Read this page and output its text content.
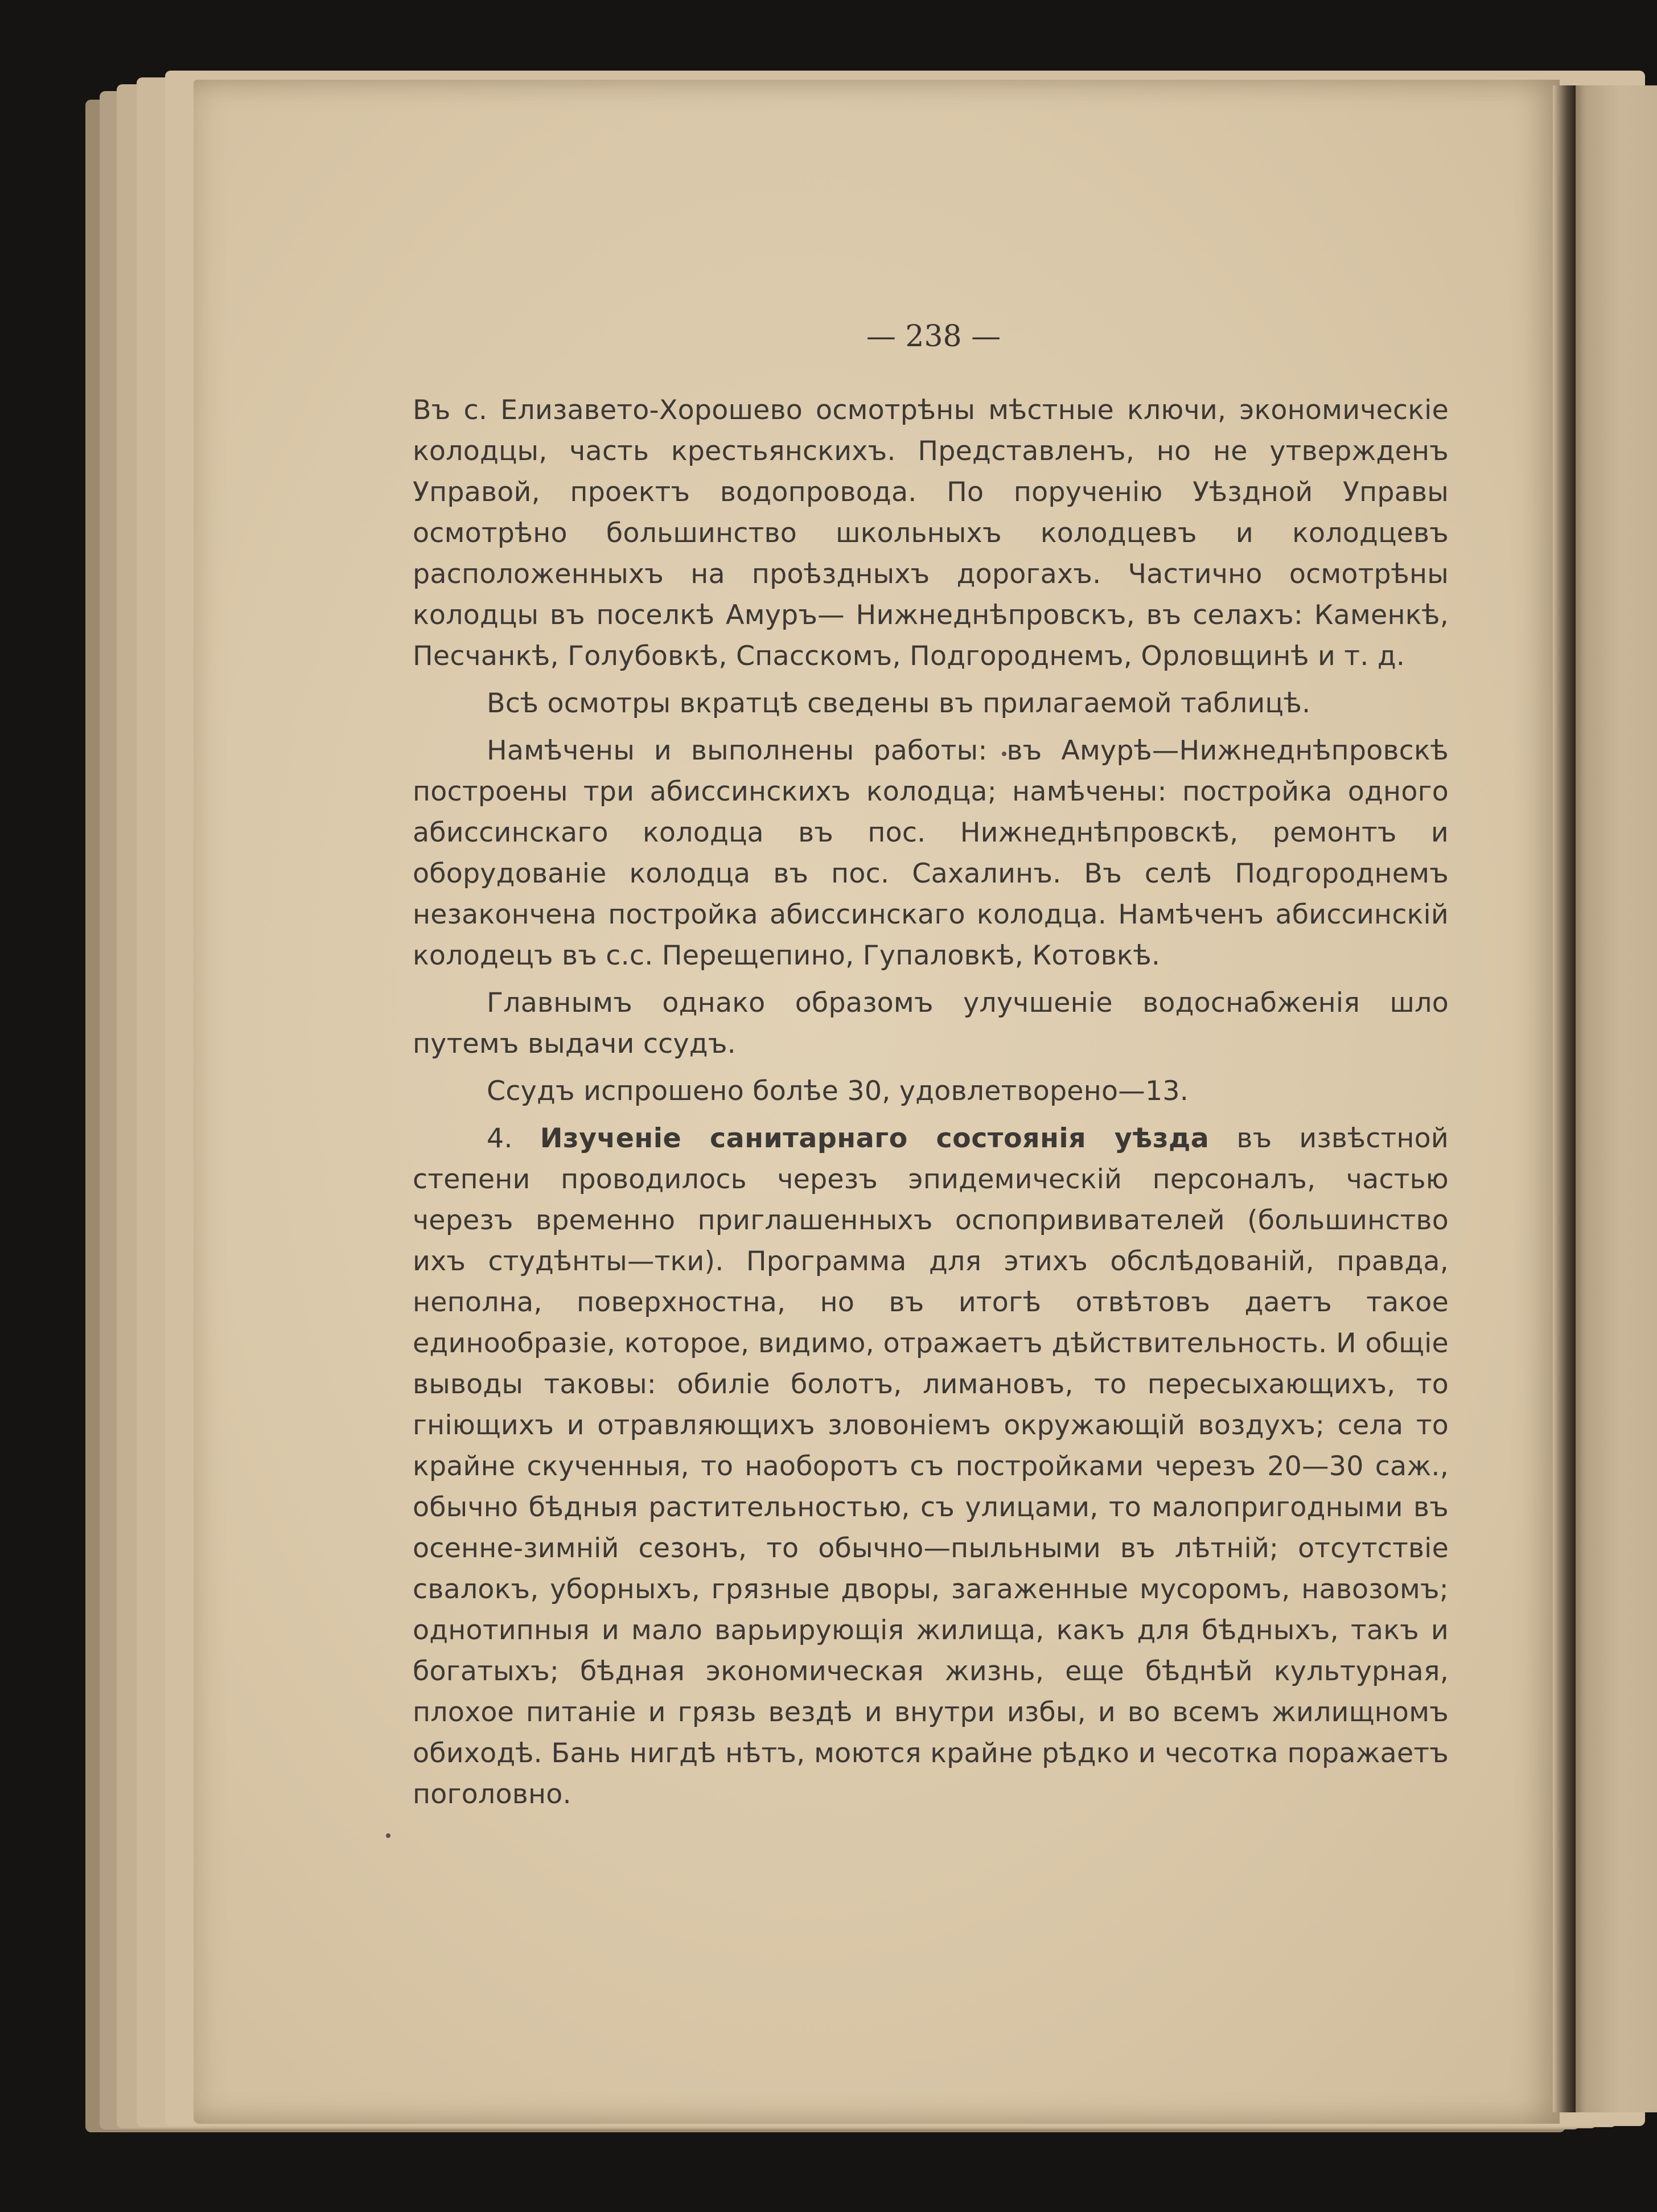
— 238 —

Въ с. Елизавето-Хорошево осмотрѣны мѣстные ключи, экономическіе колодцы, часть крестьянскихъ. Представленъ, но не утвержденъ Управой, проектъ водопровода. По порученію Уѣздной Управы осмотрѣно большинство школьныхъ колодцевъ и колодцевъ расположенныхъ на проѣздныхъ дорогахъ. Частично осмотрѣны колодцы въ поселкѣ Амуръ— Нижнеднѣпровскъ, въ селахъ: Каменкѣ, Песчанкѣ, Голубовкѣ, Спасскомъ, Подгороднемъ, Орловщинѣ и т. д.

Всѣ осмотры вкратцѣ сведены въ прилагаемой таблицѣ.

Намѣчены и выполнены работы: въ Амурѣ—Нижнеднѣпровскѣ построены три абиссинскихъ колодца; намѣчены: постройка одного абиссинскаго колодца въ пос. Нижнеднѣпровскѣ, ремонтъ и оборудованіе колодца въ пос. Сахалинъ. Въ селѣ Подгороднемъ незакончена постройка абиссинскаго колодца. Намѣченъ абиссинскій колодецъ въ с.с. Перещепино, Гупаловкѣ, Котовкѣ.

Главнымъ однако образомъ улучшеніе водоснабженія шло путемъ выдачи ссудъ.

Ссудъ испрошено болѣе 30, удовлетворено—13.

4. Изученіе санитарнаго состоянія уѣзда въ извѣстной степени проводилось черезъ эпидемическій персоналъ, частью черезъ временно приглашенныхъ оспопрививателей (большинство ихъ студѣнты—тки). Программа для этихъ обслѣдованій, правда, неполна, поверхностна, но въ итогѣ отвѣтовъ даетъ такое единообразіе, которое, видимо, отражаетъ дѣйствительность. И общіе выводы таковы: обиліе болотъ, лимановъ, то пересыхающихъ, то гніющихъ и отравляющихъ зловоніемъ окружающій воздухъ; села то крайне скученныя, то наоборотъ съ постройками черезъ 20—30 саж., обычно бѣдныя растительностью, съ улицами, то малопригодными въ осенне-зимній сезонъ, то обычно—пыльными въ лѣтній; отсутствіе свалокъ, уборныхъ, грязные дворы, загаженные мусоромъ, навозомъ; однотипныя и мало варьирующія жилища, какъ для бѣдныхъ, такъ и богатыхъ; бѣдная экономическая жизнь, еще бѣднѣй культурная, плохое питаніе и грязь вездѣ и внутри избы, и во всемъ жилищномъ обиходѣ. Бань нигдѣ нѣтъ, моются крайне рѣдко и чесотка поражаетъ поголовно.
